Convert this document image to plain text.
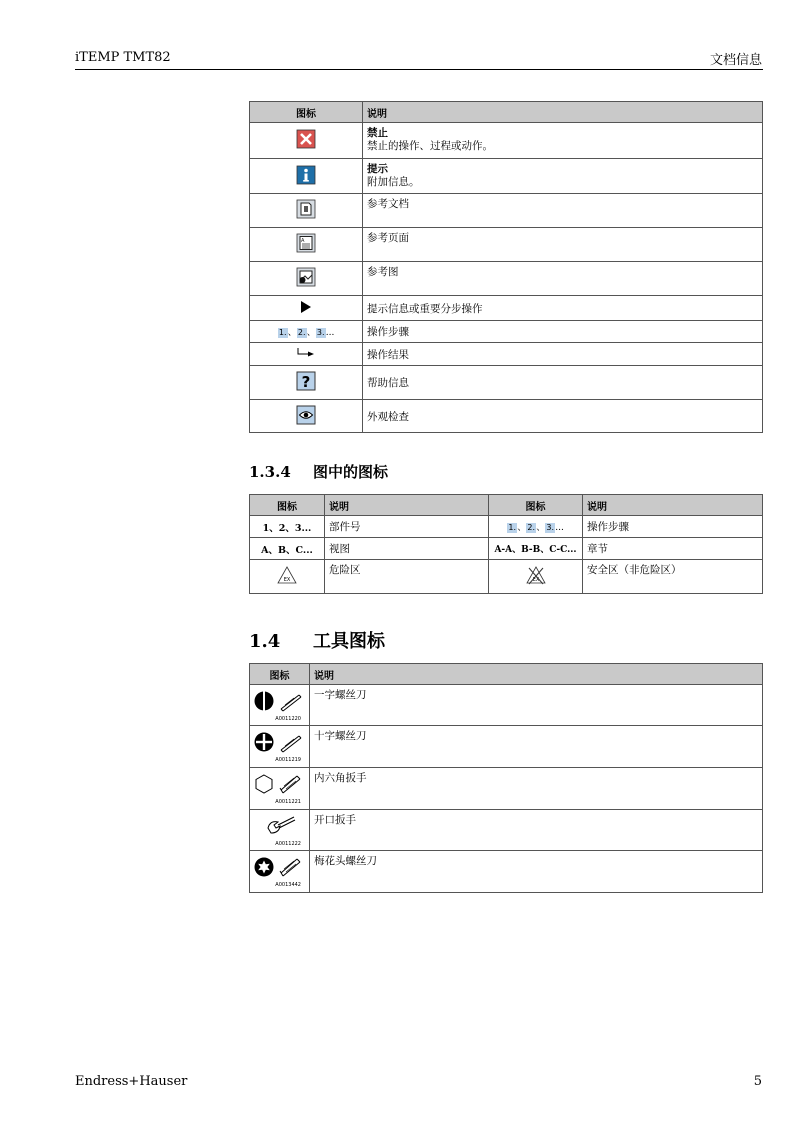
iTEMP TMT82	文档信息
图标	说明

禁止
禁止的操作、过程或动作。

提示
附加信息。

参考文档

A	参考页面

参考图

提示信息或重要分步操作

1.、2.、3....	操作步骤

操作结果

?	帮助信息

外观检查
1.3.4 图中的图标
图标	说明	图标	说明
1、2、3...	部件号	1.、2.、3....	操作步骤
A、B、C...	视图	A-A、B-B、C-C...	章节

EX	危险区	EX	安全区（非危险区）
1.4 工具图标
图标	说明

A0011220	一字螺丝刀

A0011219	十字螺丝刀

A0011221	内六角扳手

A0011222	开口扳手

A0013442	梅花头螺丝刀
Endress+Hauser	5
